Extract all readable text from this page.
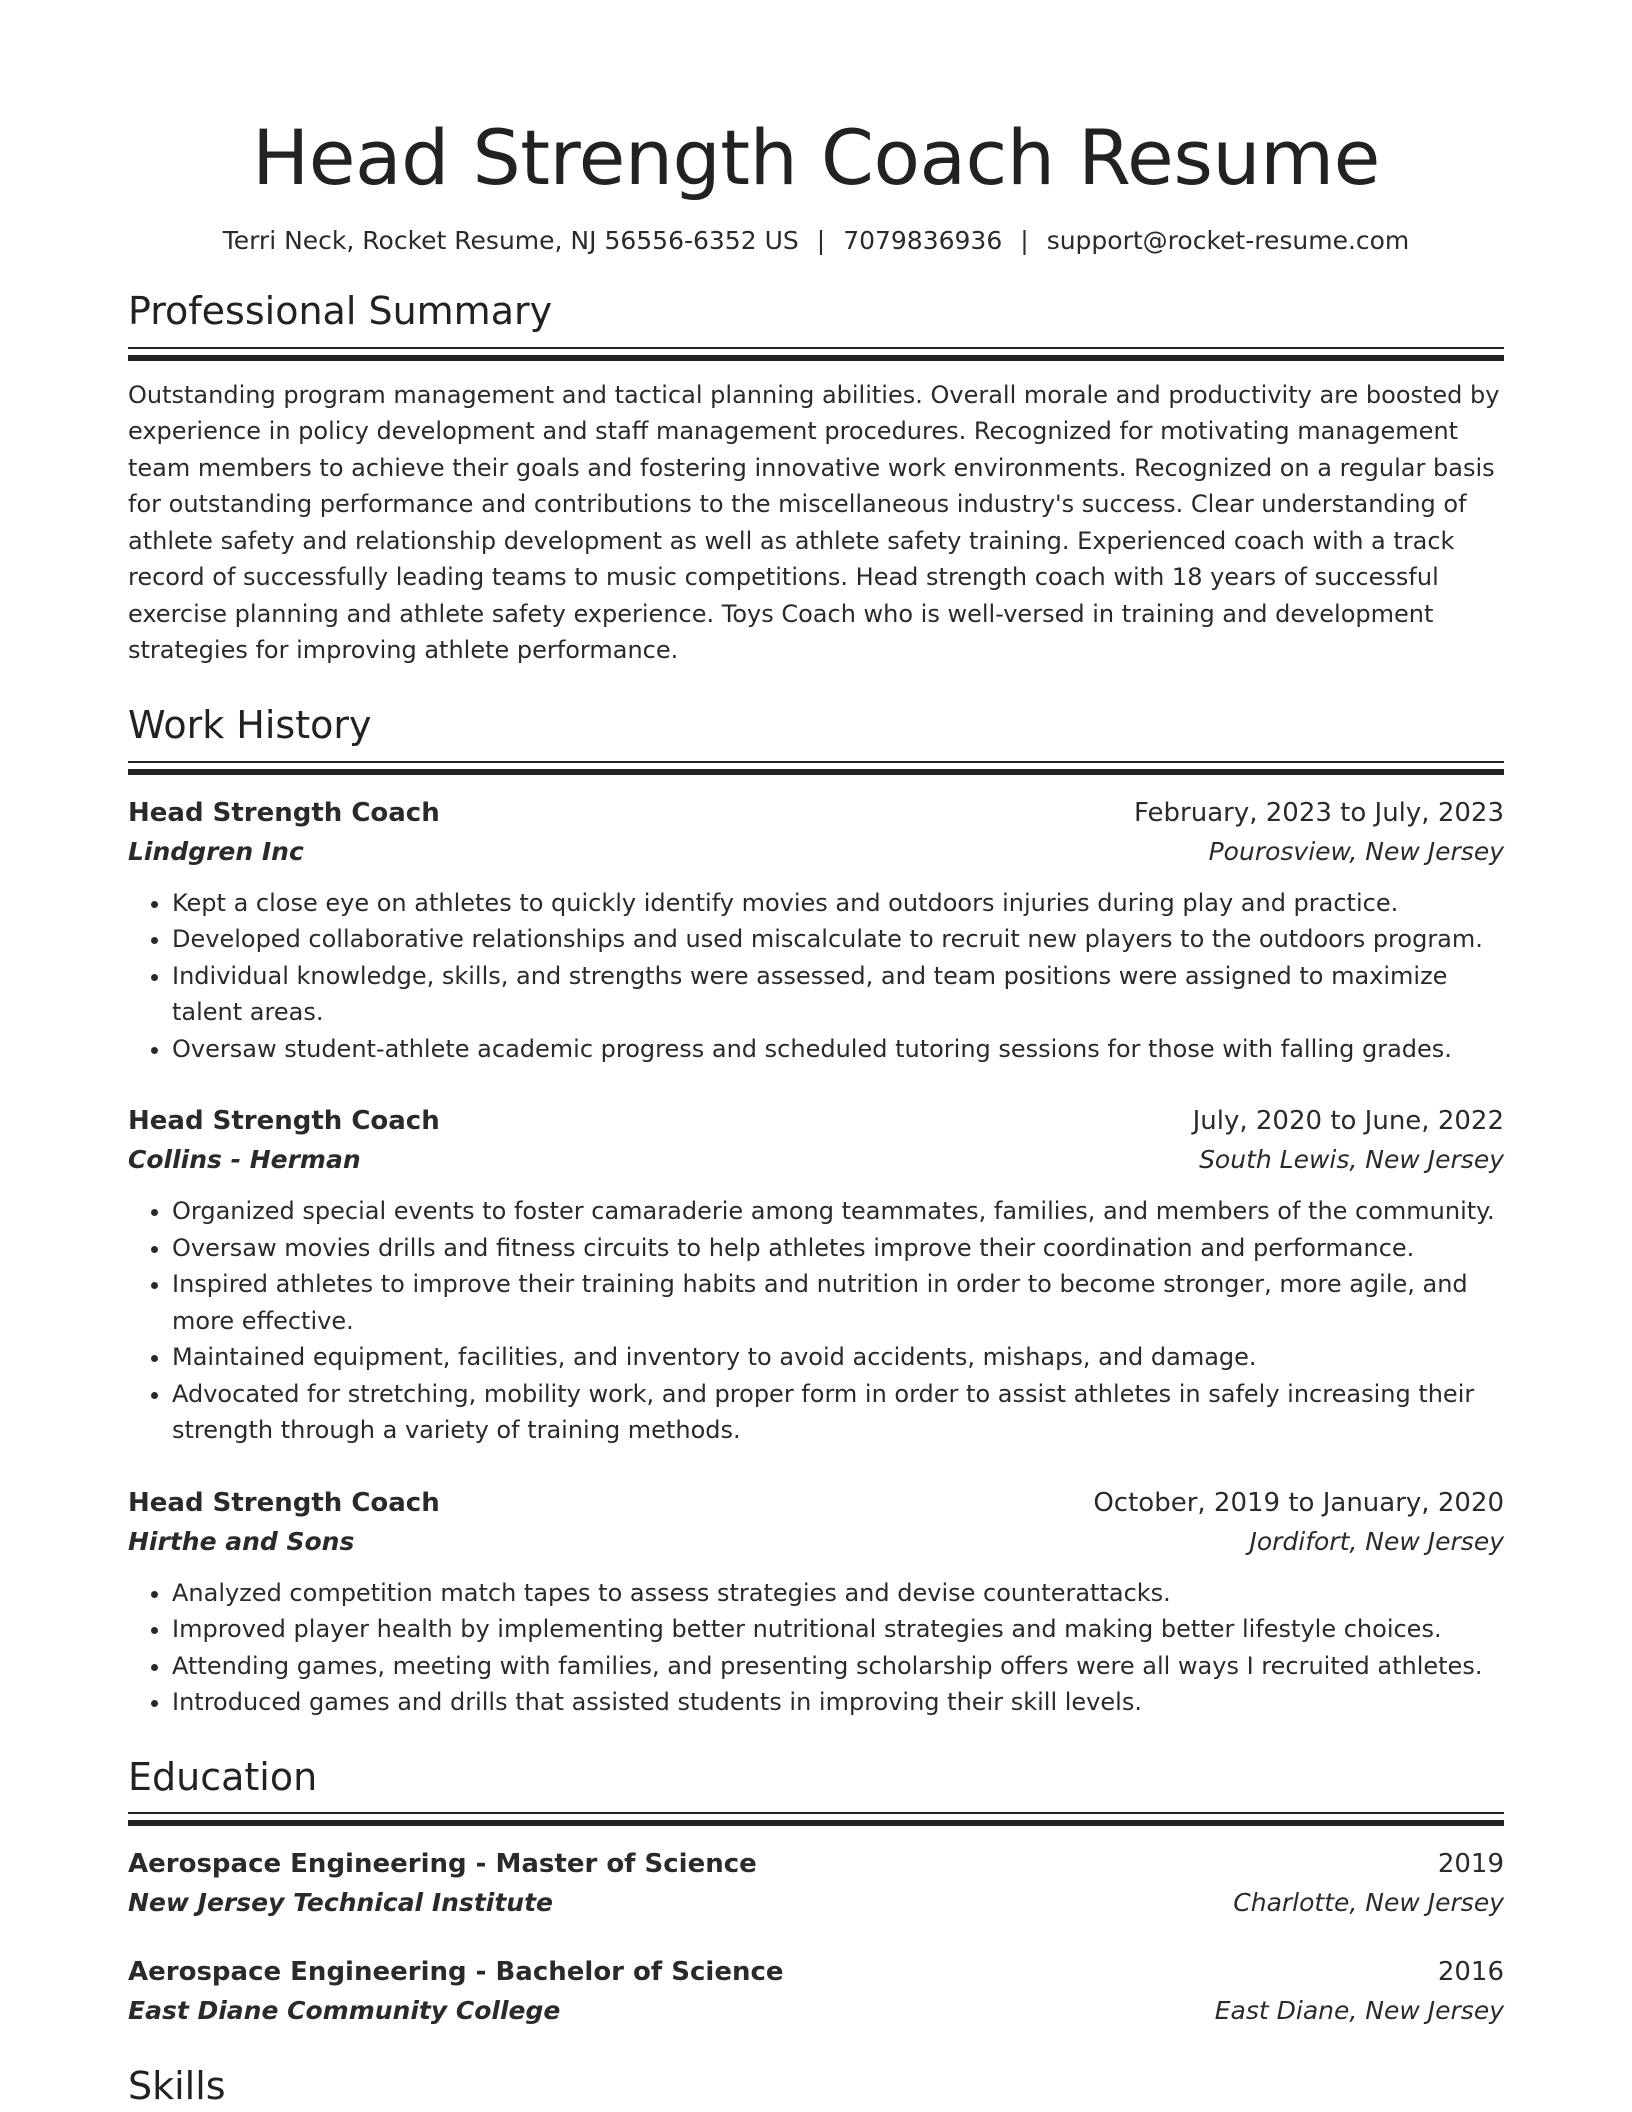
Head Strength Coach Resume
Terri Neck, Rocket Resume, NJ 56556-6352 US | 7079836936 | support@rocket-resume.com
Professional Summary
Outstanding program management and tactical planning abilities. Overall morale and productivity are boosted by experience in policy development and staff management procedures. Recognized for motivating management team members to achieve their goals and fostering innovative work environments. Recognized on a regular basis for outstanding performance and contributions to the miscellaneous industry's success. Clear understanding of athlete safety and relationship development as well as athlete safety training. Experienced coach with a track record of successfully leading teams to music competitions. Head strength coach with 18 years of successful exercise planning and athlete safety experience. Toys Coach who is well-versed in training and development strategies for improving athlete performance.
Work History
Head Strength Coach	February, 2023 to July, 2023
Lindgren Inc	Pourosview, New Jersey
• Kept a close eye on athletes to quickly identify movies and outdoors injuries during play and practice.
• Developed collaborative relationships and used miscalculate to recruit new players to the outdoors program.
• Individual knowledge, skills, and strengths were assessed, and team positions were assigned to maximize talent areas.
• Oversaw student-athlete academic progress and scheduled tutoring sessions for those with falling grades.
Head Strength Coach	July, 2020 to June, 2022
Collins - Herman	South Lewis, New Jersey
• Organized special events to foster camaraderie among teammates, families, and members of the community.
• Oversaw movies drills and fitness circuits to help athletes improve their coordination and performance.
• Inspired athletes to improve their training habits and nutrition in order to become stronger, more agile, and more effective.
• Maintained equipment, facilities, and inventory to avoid accidents, mishaps, and damage.
• Advocated for stretching, mobility work, and proper form in order to assist athletes in safely increasing their strength through a variety of training methods.
Head Strength Coach	October, 2019 to January, 2020
Hirthe and Sons	Jordifort, New Jersey
• Analyzed competition match tapes to assess strategies and devise counterattacks.
• Improved player health by implementing better nutritional strategies and making better lifestyle choices.
• Attending games, meeting with families, and presenting scholarship offers were all ways I recruited athletes.
• Introduced games and drills that assisted students in improving their skill levels.
Education
Aerospace Engineering - Master of Science	2019
New Jersey Technical Institute	Charlotte, New Jersey
Aerospace Engineering - Bachelor of Science	2016
East Diane Community College	East Diane, New Jersey
Skills
